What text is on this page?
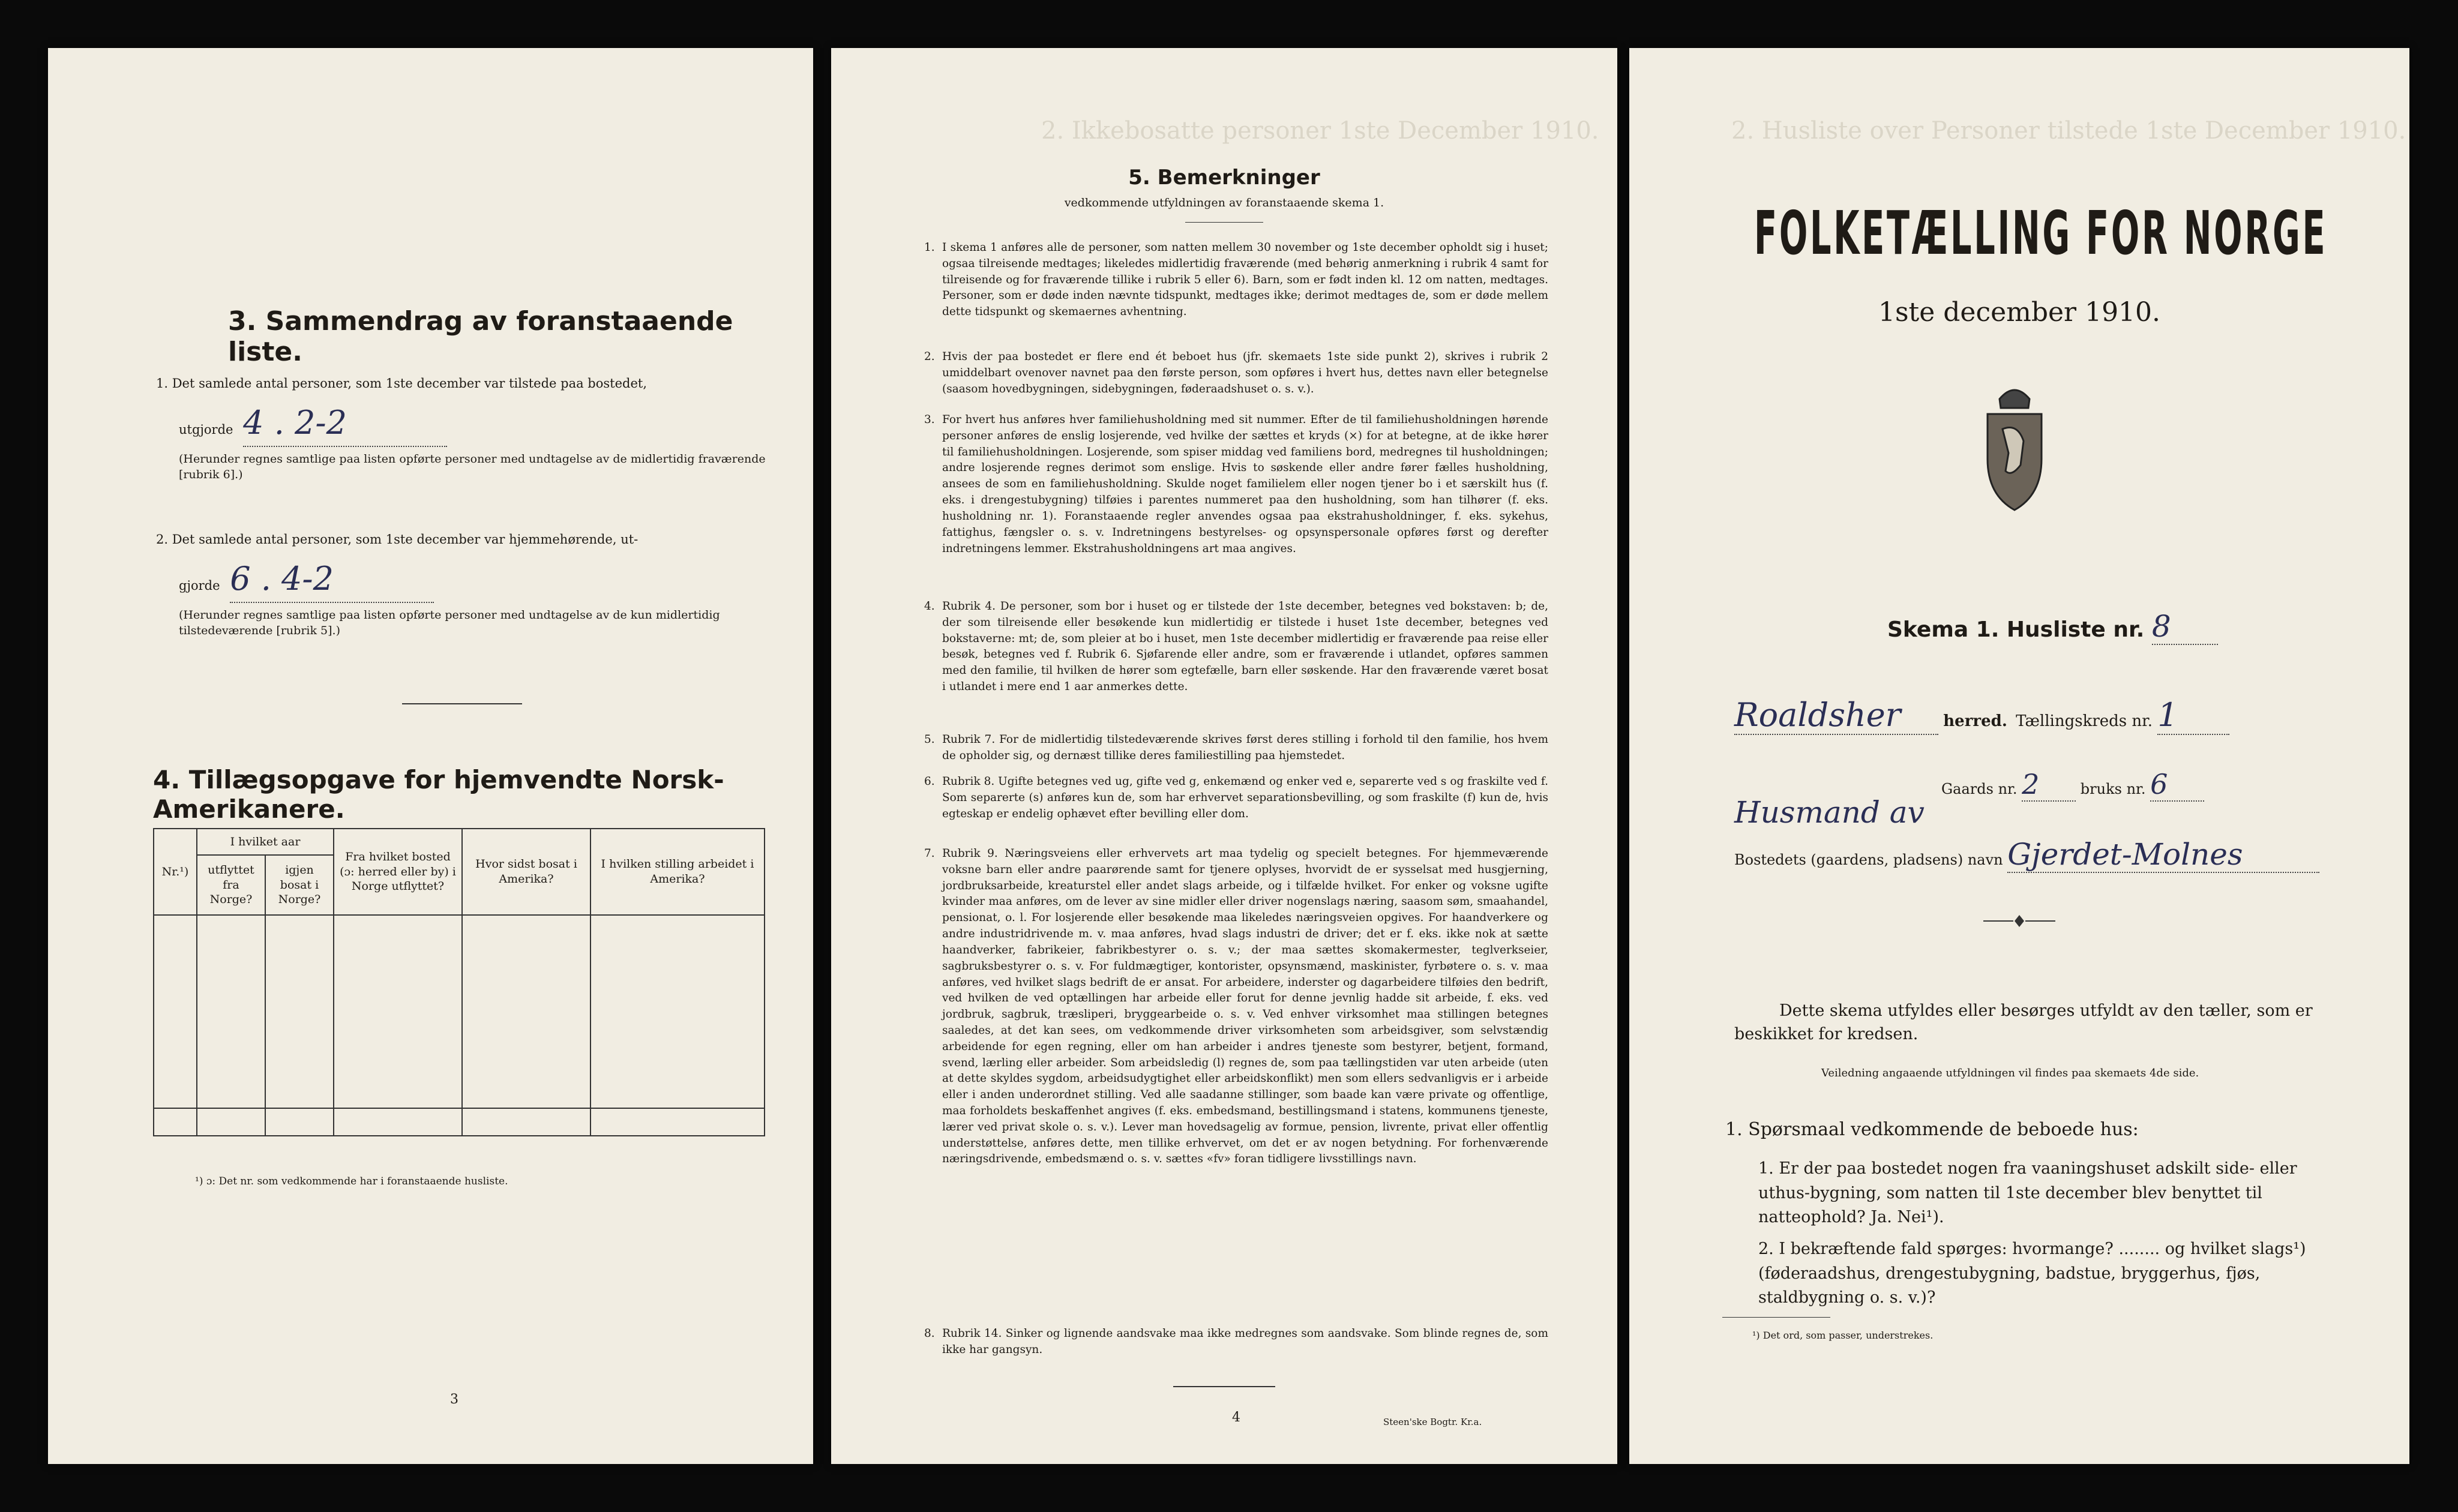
3. Sammendrag av foranstaaende liste.
1. Det samlede antal personer, som 1ste december var tilstede paa bostedet,
utgjorde 4 . 2-2
(Herunder regnes samtlige paa listen opførte personer med undtagelse av de midlertidig fraværende [rubrik 6].)
2. Det samlede antal personer, som 1ste december var hjemmehørende, ut-
gjorde 6 . 4-2
(Herunder regnes samtlige paa listen opførte personer med undtagelse av de kun midlertidig tilstedeværende [rubrik 5].)
4. Tillægsopgave for hjemvendte Norsk-Amerikanere.
Nr.¹)	I hvilket aar		Fra hvilket bosted (ɔ: herred eller by) i Norge utflyttet?	Hvor sidst bosat i Amerika?	I hvilken stilling arbeidet i Amerika?
	utflyttet fra Norge?	igjen bosat i Norge?			

¹) ɔ: Det nr. som vedkommende har i foranstaaende husliste.
3
2. Ikkebosatte personer 1ste December 1910.
5. Bemerkninger
vedkommende utfyldningen av foranstaaende skema 1.
1. I skema 1 anføres alle de personer, som natten mellem 30 november og 1ste december opholdt sig i huset; ogsaa tilreisende medtages; likeledes midlertidig fraværende (med behørig anmerkning i rubrik 4 samt for tilreisende og for fraværende tillike i rubrik 5 eller 6). Barn, som er født inden kl. 12 om natten, medtages. Personer, som er døde inden nævnte tidspunkt, medtages ikke; derimot medtages de, som er døde mellem dette tidspunkt og skemaernes avhentning.
2. Hvis der paa bostedet er flere end ét beboet hus (jfr. skemaets 1ste side punkt 2), skrives i rubrik 2 umiddelbart ovenover navnet paa den første person, som opføres i hvert hus, dettes navn eller betegnelse (saasom hovedbygningen, sidebygningen, føderaadshuset o. s. v.).
3. For hvert hus anføres hver familiehusholdning med sit nummer. Efter de til familiehusholdningen hørende personer anføres de enslig losjerende, ved hvilke der sættes et kryds (×) for at betegne, at de ikke hører til familiehusholdningen. Losjerende, som spiser middag ved familiens bord, medregnes til husholdningen; andre losjerende regnes derimot som enslige. Hvis to søskende eller andre fører fælles husholdning, ansees de som en familiehusholdning. Skulde noget familielem eller nogen tjener bo i et særskilt hus (f. eks. i drengestubygning) tilføies i parentes nummeret paa den husholdning, som han tilhører (f. eks. husholdning nr. 1). Foranstaaende regler anvendes ogsaa paa ekstrahusholdninger, f. eks. sykehus, fattighus, fængsler o. s. v. Indretningens bestyrelses- og opsynspersonale opføres først og derefter indretningens lemmer. Ekstrahusholdningens art maa angives.
4. Rubrik 4. De personer, som bor i huset og er tilstede der 1ste december, betegnes ved bokstaven: b; de, der som tilreisende eller besøkende kun midlertidig er tilstede i huset 1ste december, betegnes ved bokstaverne: mt; de, som pleier at bo i huset, men 1ste december midlertidig er fraværende paa reise eller besøk, betegnes ved f. Rubrik 6. Sjøfarende eller andre, som er fraværende i utlandet, opføres sammen med den familie, til hvilken de hører som egtefælle, barn eller søskende. Har den fraværende været bosat i utlandet i mere end 1 aar anmerkes dette.
5. Rubrik 7. For de midlertidig tilstedeværende skrives først deres stilling i forhold til den familie, hos hvem de opholder sig, og dernæst tillike deres familiestilling paa hjemstedet.
6. Rubrik 8. Ugifte betegnes ved ug, gifte ved g, enkemænd og enker ved e, separerte ved s og fraskilte ved f. Som separerte (s) anføres kun de, som har erhvervet separationsbevilling, og som fraskilte (f) kun de, hvis egteskap er endelig ophævet efter bevilling eller dom.
7. Rubrik 9. Næringsveiens eller erhvervets art maa tydelig og specielt betegnes. For hjemmeværende voksne barn eller andre paarørende samt for tjenere oplyses, hvorvidt de er sysselsat med husgjerning, jordbruksarbeide, kreaturstel eller andet slags arbeide, og i tilfælde hvilket. For enker og voksne ugifte kvinder maa anføres, om de lever av sine midler eller driver nogenslags næring, saasom søm, smaahandel, pensionat, o. l. For losjerende eller besøkende maa likeledes næringsveien opgives. For haandverkere og andre industridrivende m. v. maa anføres, hvad slags industri de driver; det er f. eks. ikke nok at sætte haandverker, fabrikeier, fabrikbestyrer o. s. v.; der maa sættes skomakermester, teglverkseier, sagbruksbestyrer o. s. v. For fuldmægtiger, kontorister, opsynsmænd, maskinister, fyrbøtere o. s. v. maa anføres, ved hvilket slags bedrift de er ansat. For arbeidere, inderster og dagarbeidere tilføies den bedrift, ved hvilken de ved optællingen har arbeide eller forut for denne jevnlig hadde sit arbeide, f. eks. ved jordbruk, sagbruk, træsliperi, bryggearbeide o. s. v. Ved enhver virksomhet maa stillingen betegnes saaledes, at det kan sees, om vedkommende driver virksomheten som arbeidsgiver, som selvstændig arbeidende for egen regning, eller om han arbeider i andres tjeneste som bestyrer, betjent, formand, svend, lærling eller arbeider. Som arbeidsledig (l) regnes de, som paa tællingstiden var uten arbeide (uten at dette skyldes sygdom, arbeidsudygtighet eller arbeidskonflikt) men som ellers sedvanligvis er i arbeide eller i anden underordnet stilling. Ved alle saadanne stillinger, som baade kan være private og offentlige, maa forholdets beskaffenhet angives (f. eks. embedsmand, bestillingsmand i statens, kommunens tjeneste, lærer ved privat skole o. s. v.). Lever man hovedsagelig av formue, pension, livrente, privat eller offentlig understøttelse, anføres dette, men tillike erhvervet, om det er av nogen betydning. For forhenværende næringsdrivende, embedsmænd o. s. v. sættes «fv» foran tidligere livsstillings navn.
8. Rubrik 14. Sinker og lignende aandsvake maa ikke medregnes som aandsvake. Som blinde regnes de, som ikke har gangsyn.
4	Steen'ske Bogtr. Kr.a.
2. Husliste over Personer tilstede 1ste December 1910.
FOLKETÆLLING FOR NORGE
1ste december 1910.
Skema 1. Husliste nr. 8
Roaldsher	herred. Tællingskreds nr. 1
Gaards nr. 2	bruks nr. 6
Husmand av
Bostedets (gaardens, pladsens) navn Gjerdet-Molnes
Dette skema utfyldes eller besørges utfyldt av den tæller, som er beskikket for kredsen.
Veiledning angaaende utfyldningen vil findes paa skemaets 4de side.
1. Spørsmaal vedkommende de beboede hus:
1. Er der paa bostedet nogen fra vaaningshuset adskilt side- eller uthus-bygning, som natten til 1ste december blev benyttet til natteophold? Ja. Nei¹).
2. I bekræftende fald spørges: hvormange? ........ og hvilket slags¹) (føderaadshus, drengestubygning, badstue, bryggerhus, fjøs, staldbygning o. s. v.)?
¹) Det ord, som passer, understrekes.
